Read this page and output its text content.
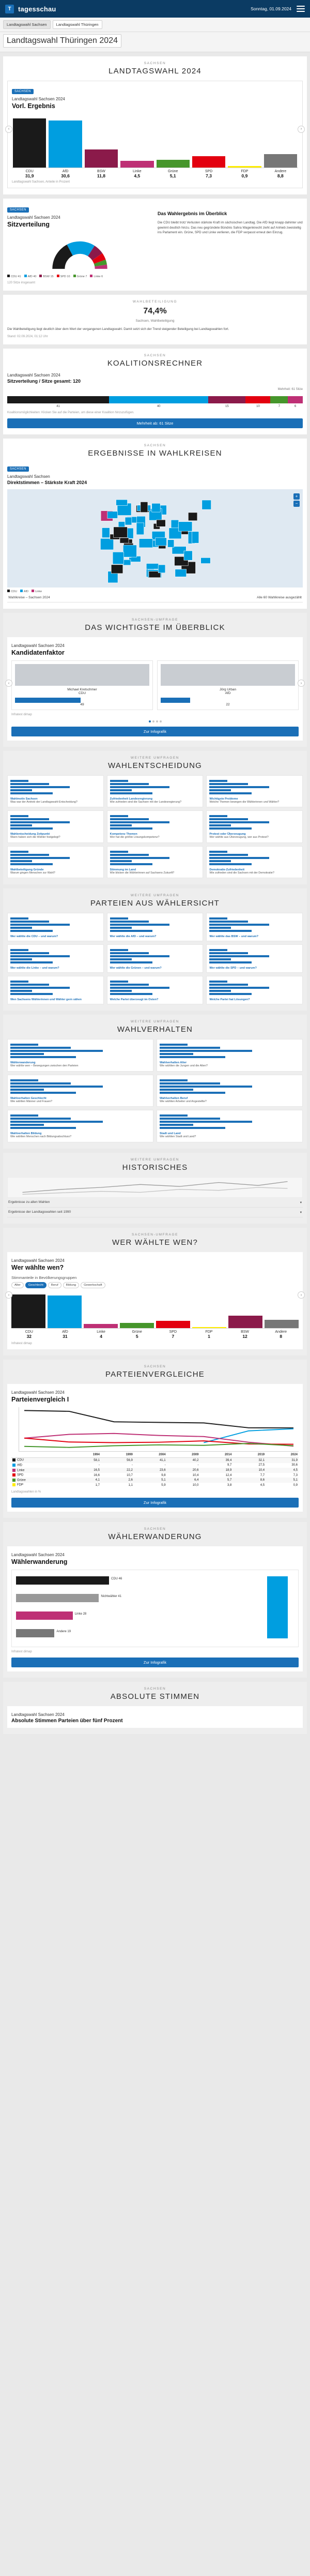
T	tagesschau	Sonntag, 01.09.2024
Landtagswahl Sachsen	Landtagswahl Thüringen
Landtagswahl Thüringen 2024
SACHSEN
LANDTAGSWAHL 2024
SACHSEN
Landtagswahl Sachsen 2024
Vorl. Ergebnis
CDU
31,9
AfD
30,6
BSW
11,8
Linke
4,5
Grüne
5,1
SPD
7,3
FDP
0,9
Andere
8,8
Landtagswahl Sachsen, Anteile in Prozent
‹	›
SACHSEN
Landtagswahl Sachsen 2024
Sitzverteilung
CDU 41	AfD 40	BSW 15	SPD 10	Grüne 7	Linke 6
120 Sitze insgesamt
Das Wahlergebnis im Überblick
Die CDU bleibt trotz Verlusten stärkste Kraft im sächsischen Landtag. Die AfD liegt knapp dahinter und gewinnt deutlich hinzu. Das neu gegründete Bündnis Sahra Wagenknecht zieht auf Anhieb zweistellig ins Parlament ein. Grüne, SPD und Linke verlieren, die FDP verpasst erneut den Einzug.
WAHLBETEILIGUNG
74,4%
Sachsen, Wahlbeteiligung
Die Wahlbeteiligung liegt deutlich über dem Wert der vergangenen Landtagswahl. Damit setzt sich der Trend steigender Beteiligung bei Landtagswahlen fort.
Stand: 02.09.2024, 01:12 Uhr
SACHSEN
KOALITIONSRECHNER
Landtagswahl Sachsen 2024
Sitzverteilung / Sitze gesamt: 120
Mehrheit: 61 Sitze
41	40	15	10	7	6
Koalitionsmöglichkeiten: Klicken Sie auf die Parteien, um diese einer Koalition hinzuzufügen.
Mehrheit ab: 61 Sitze
SACHSEN
ERGEBNISSE IN WAHLKREISEN
SACHSEN
Landtagswahl Sachsen
Direktstimmen – Stärkste Kraft 2024
+
−
CDU	AfD	Linke
Wahlkreise – Sachsen 2024	Alle 60 Wahlkreise ausgezählt
SACHSEN-UMFRAGE
DAS WICHTIGSTE IM ÜBERBLICK
Landtagswahl Sachsen 2024
Kandidatenfaktor
Michael Kretschmer
CDU
49
Jörg Urban
AfD
22
Infratest dimap
Zur Infografik
‹	›
WEITERE UMFRAGEN
WAHLENTSCHEIDUNG
Wahlmotiv Sachsen
Was war der Antrieb der Landtagswahl-Entscheidung?
Zufriedenheit Landesregierung
Wie zufrieden sind die Sachsen mit der Landesregierung?
Wichtigste Probleme
Welche Themen bewegen die Wählerinnen und Wähler?
Wahlentscheidung Zeitpunkt
Wann haben sich die Wähler festgelegt?
Kompetenz Themen
Wer hat die größte Lösungskompetenz?
Protest oder Überzeugung
Wer wählte aus Überzeugung, wer aus Protest?
Wahlbeteiligung Gründe
Warum gingen Menschen zur Wahl?
Stimmung im Land
Wie blicken die Wählerinnen auf Sachsens Zukunft?
Demokratie-Zufriedenheit
Wie zufrieden sind die Sachsen mit der Demokratie?
WEITERE UMFRAGEN
PARTEIEN AUS WÄHLERSICHT
Wer wählte die CDU – und warum?	Wer wählte die AfD – und warum?	Wer wählte das BSW – und warum?
Wer wählte die Linke – und warum?	Wer wählte die Grünen – und warum?	Wer wählte die SPD – und warum?
Wen Sachsens Wählerinnen und Wähler gern sähen	Welche Partei überzeugt im Osten?	Welche Partei hat Lösungen?
WEITERE UMFRAGEN
WAHLVERHALTEN
Wählerwanderung
Wer wählte wen – Bewegungen zwischen den Parteien
Wahlverhalten Alter
Wie wählten die Jungen und die Alten?
Wahlverhalten Geschlecht
Wie wählten Männer und Frauen?
Wahlverhalten Beruf
Wie wählten Arbeiter und Angestellte?
Wahlverhalten Bildung
Wie wählten Menschen nach Bildungsabschluss?
Stadt und Land
Wie wählten Stadt und Land?
WEITERE UMFRAGEN
HISTORISCHES
Ergebnisse zu allen Wahlen	▾
Ergebnisse der Landtagswahlen seit 1990	▾
SACHSEN-UMFRAGE
WER WÄHLTE WEN?
Landtagswahl Sachsen 2024
Wer wählte wen?
Stimmanteile in Bevölkerungsgruppen
Alter	Geschlecht	Beruf	Bildung	Gewerkschaft
CDU
32
AfD
31
Linke
4
Grüne
5
SPD
7
FDP
1
BSW
12
Andere
8
Infratest dimap
‹	›
SACHSEN
PARTEIENVERGLEICHE
Landtagswahl Sachsen 2024
Parteienvergleich I
	1994	1999	2004	2009	2014	2019	2024
CDU	58,1	56,9	41,1	40,2	39,4	32,1	31,9
AfD	-	-	-	-	9,7	27,5	30,6
Linke	16,5	22,2	23,6	20,6	18,9	10,4	4,5
SPD	16,6	10,7	9,8	10,4	12,4	7,7	7,3
Grüne	4,1	2,6	5,1	6,4	5,7	8,6	5,1
FDP	1,7	1,1	5,9	10,0	3,8	4,5	0,9
Landtagswahlen in %
Zur Infografik
SACHSEN
WÄHLERWANDERUNG
Landtagswahl Sachsen 2024
Wählerwanderung
CDU 46
Nichtwähler 41
Linke 28
Andere 19
Infratest dimap
Zur Infografik
SACHSEN
ABSOLUTE STIMMEN
Landtagswahl Sachsen 2024
Absolute Stimmen Parteien über fünf Prozent
